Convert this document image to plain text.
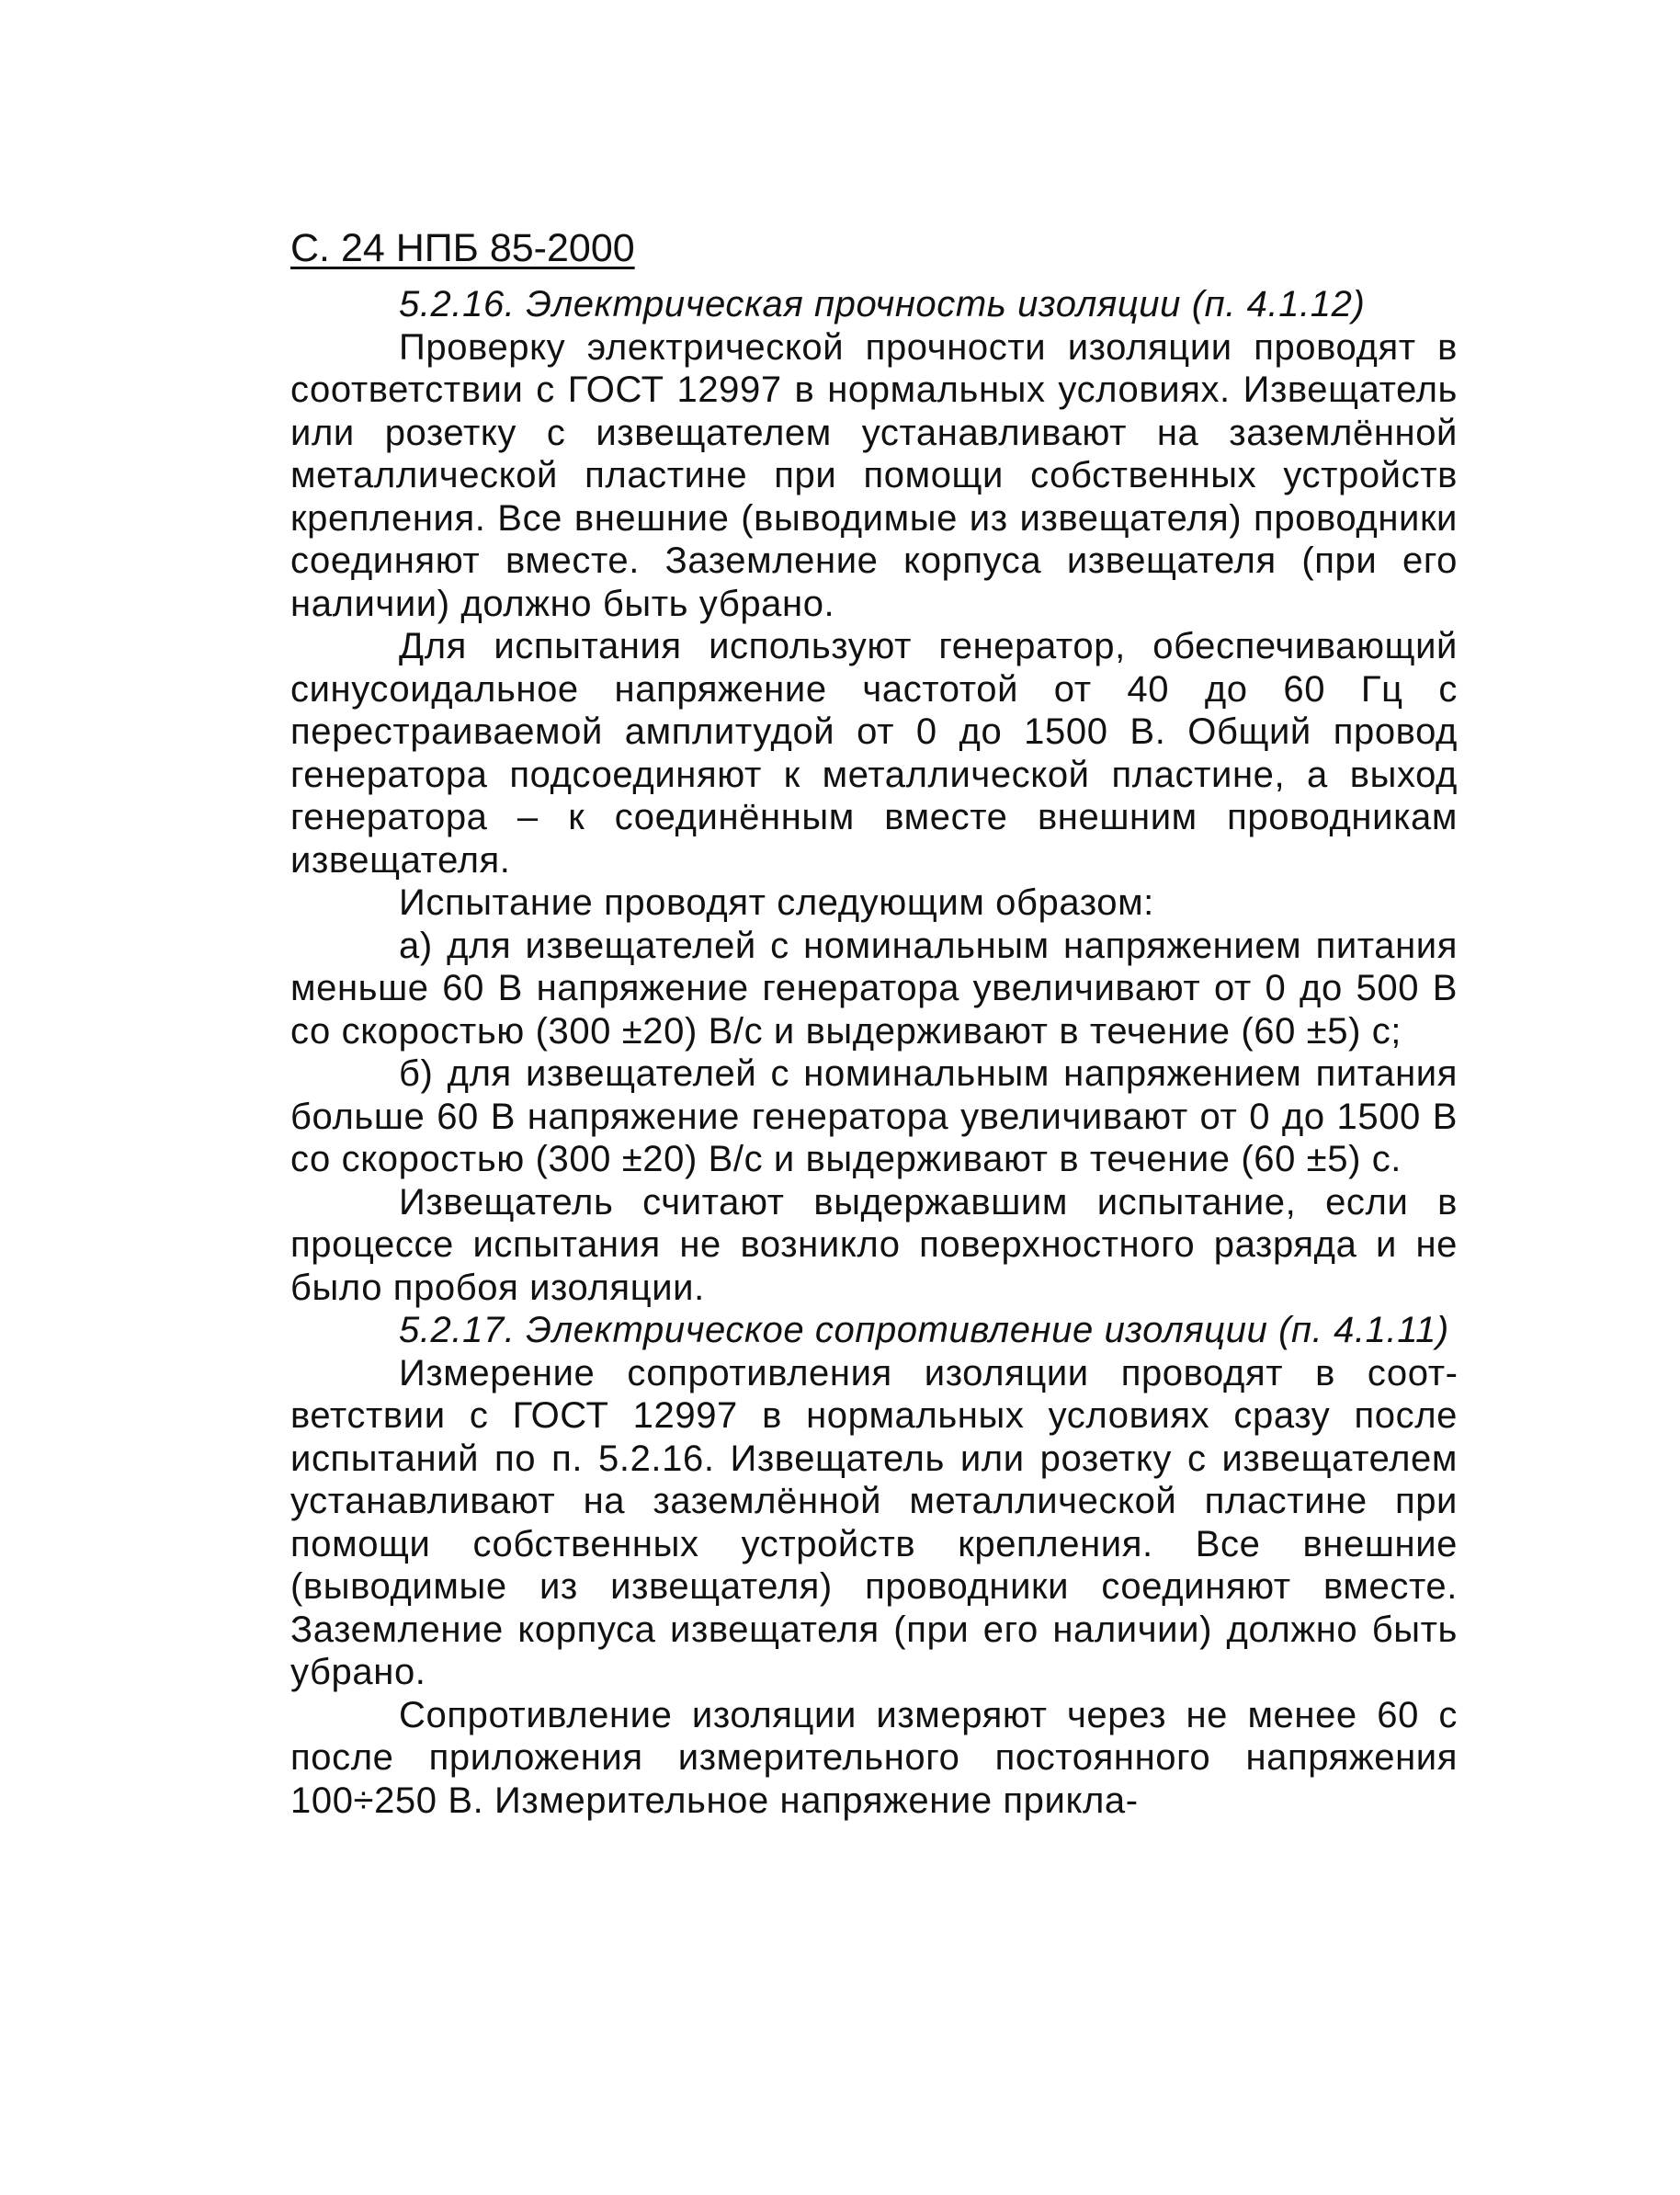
С. 24 НПБ 85-2000
5.2.16. Электрическая прочность изоляции (п. 4.1.12)
Проверку электрической прочности изоляции проводят в соответствии с ГОСТ 12997 в нормальных условиях. Извещатель или розетку с извещателем устанавливают на заземлённой металлической пластине при помощи собственных устройств крепления. Все внешние (выводимые из извещателя) проводники соединяют вместе. Заземление корпуса извещателя (при его наличии) должно быть убрано.
Для испытания используют генератор, обеспечивающий синусоидальное напряжение частотой от 40 до 60 Гц с перестраиваемой амплитудой от 0 до 1500 В. Общий провод генератора подсоединяют к металлической пластине, а выход генератора – к соединённым вместе внешним проводникам извещателя.
Испытание проводят следующим образом:
а) для извещателей с номинальным напряжением питания меньше 60 В напряжение генератора увеличивают от 0 до 500 В со скоростью (300 ±20) В/с и выдерживают в течение (60 ±5) с;
б) для извещателей с номинальным напряжением питания больше 60 В напряжение генератора увеличивают от 0 до 1500 В со скоростью (300 ±20) В/с и выдерживают в течение (60 ±5) с.
Извещатель считают выдержавшим испытание, если в процессе испытания не возникло поверхностного разряда и не было пробоя изоляции.
5.2.17. Электрическое сопротивление изоляции (п. 4.1.11)
Измерение сопротивления изоляции проводят в соответствии с ГОСТ 12997 в нормальных условиях сразу после испытаний по п. 5.2.16. Извещатель или розетку с извещателем устанавливают на заземлённой металлической пластине при помощи собственных устройств крепления. Все внешние (выводимые из извещателя) проводники соединяют вместе. Заземление корпуса извещателя (при его наличии) должно быть убрано.
Сопротивление изоляции измеряют через не менее 60 с после приложения измерительного постоянного напряжения 100÷250 В. Измерительное напряжение прикла-
